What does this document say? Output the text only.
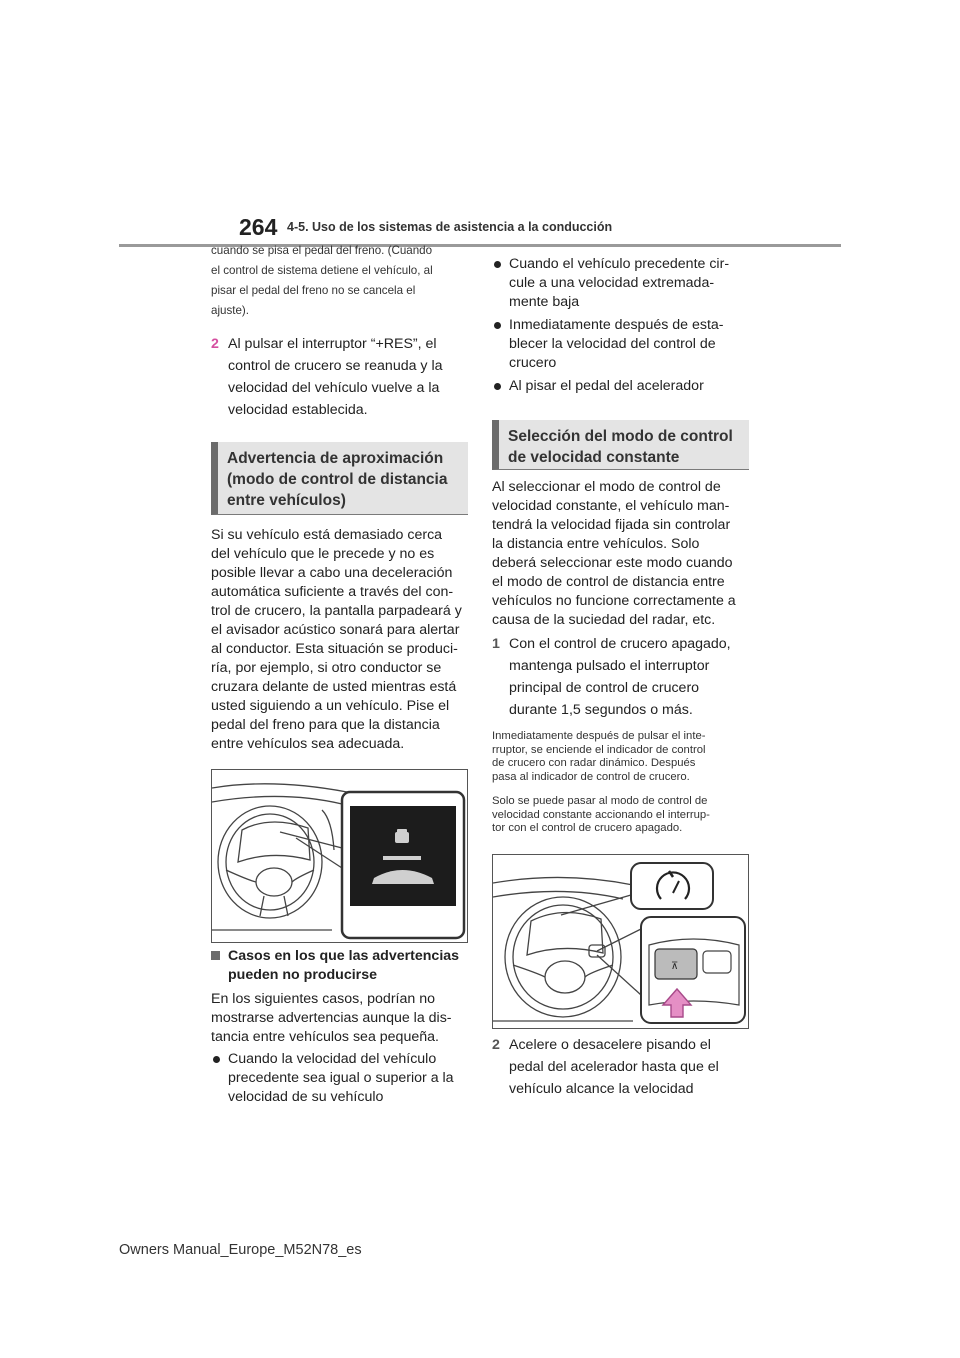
264 4-5. Uso de los sistemas de asistencia a la conducción
cuando se pisa el pedal del freno. (Cuando
el control de sistema detiene el vehículo, al
pisar el pedal del freno no se cancela el
ajuste).
2 Al pulsar el interruptor “+RES”, el
control de crucero se reanuda y la
velocidad del vehículo vuelve a la
velocidad establecida.
Advertencia de aproximación
(modo de control de distancia
entre vehículos)
Si su vehículo está demasiado cerca
del vehículo que le precede y no es
posible llevar a cabo una deceleración
automática suficiente a través del con-
trol de crucero, la pantalla parpadeará y
el avisador acústico sonará para alertar
al conductor. Esta situación se produci-
ría, por ejemplo, si otro conductor se
cruzara delante de usted mientras está
usted siguiendo a un vehículo. Pise el
pedal del freno para que la distancia
entre vehículos sea adecuada.
Casos en los que las advertencias
pueden no producirse
En los siguientes casos, podrían no
mostrarse advertencias aunque la dis-
tancia entre vehículos sea pequeña.
Cuando la velocidad del vehículo
precedente sea igual o superior a la
velocidad de su vehículo
Cuando el vehículo precedente cir-
cule a una velocidad extremada-
mente baja
Inmediatamente después de esta-
blecer la velocidad del control de
crucero
Al pisar el pedal del acelerador
Selección del modo de control
de velocidad constante
Al seleccionar el modo de control de
velocidad constante, el vehículo man-
tendrá la velocidad fijada sin controlar
la distancia entre vehículos. Solo
deberá seleccionar este modo cuando
el modo de control de distancia entre
vehículos no funcione correctamente a
causa de la suciedad del radar, etc.
1 Con el control de crucero apagado,
mantenga pulsado el interruptor
principal de control de crucero
durante 1,5 segundos o más.
Inmediatamente después de pulsar el inte-
rruptor, se enciende el indicador de control
de crucero con radar dinámico. Después
pasa al indicador de control de crucero.
Solo se puede pasar al modo de control de
velocidad constante accionando el interrup-
tor con el control de crucero apagado.
⊼
2 Acelere o desacelere pisando el
pedal del acelerador hasta que el
vehículo alcance la velocidad
Owners Manual_Europe_M52N78_es
